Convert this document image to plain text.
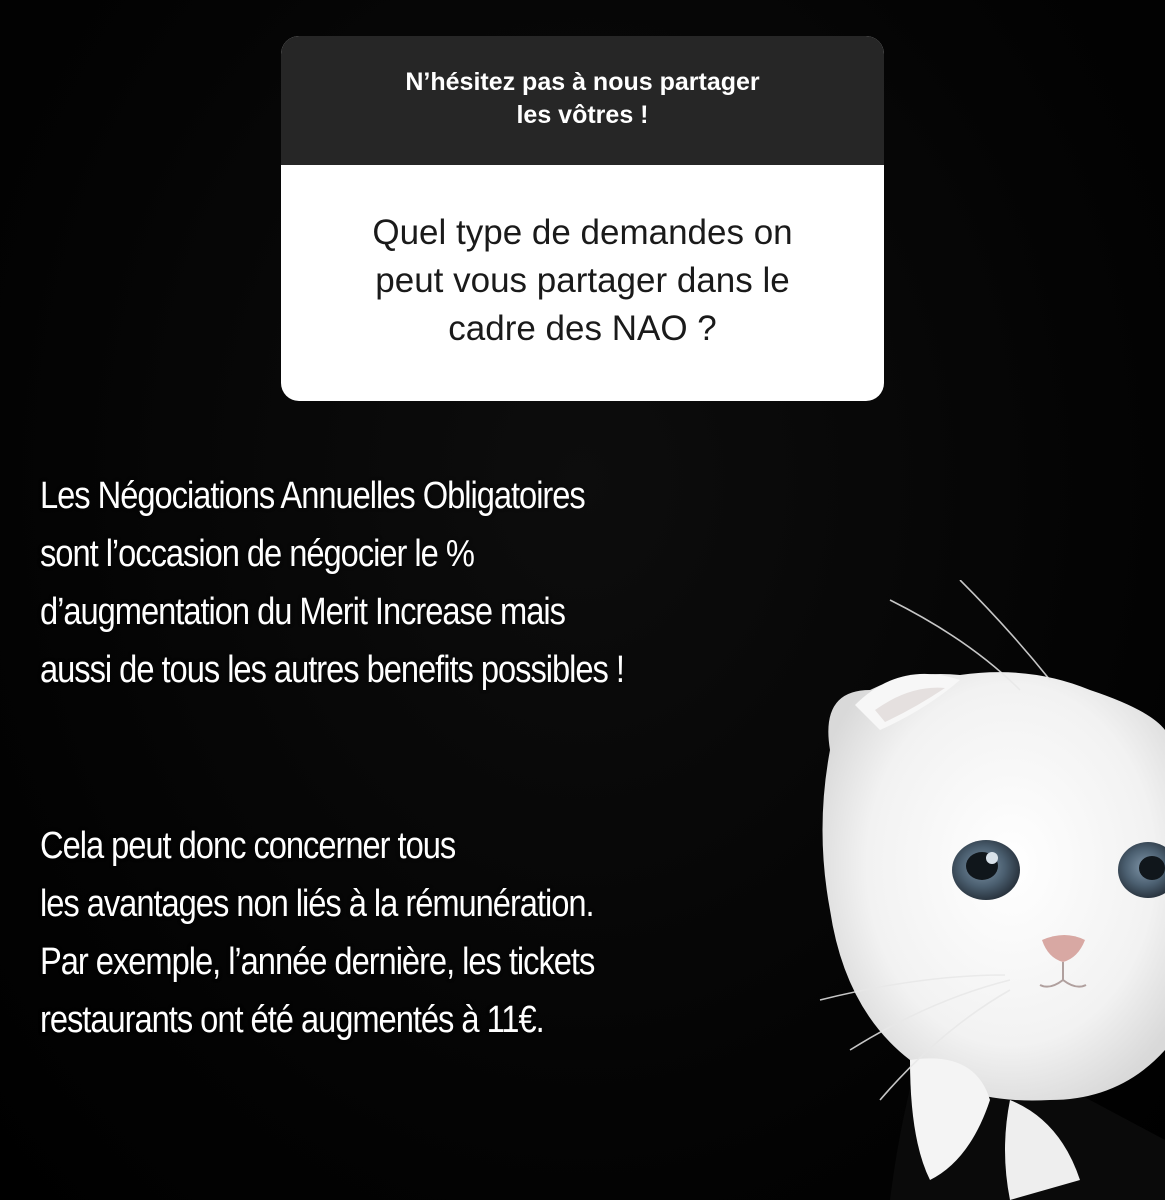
N’hésitez pas à nous partager
les vôtres !
Quel type de demandes on
peut vous partager dans le
cadre des NAO ?
Les Négociations Annuelles Obligatoires
sont l’occasion de négocier le %
d’augmentation du Merit Increase mais
aussi de tous les autres benefits possibles !
Cela peut donc concerner tous
les avantages non liés à la rémunération.
Par exemple, l’année dernière, les tickets
restaurants ont été augmentés à 11€.
